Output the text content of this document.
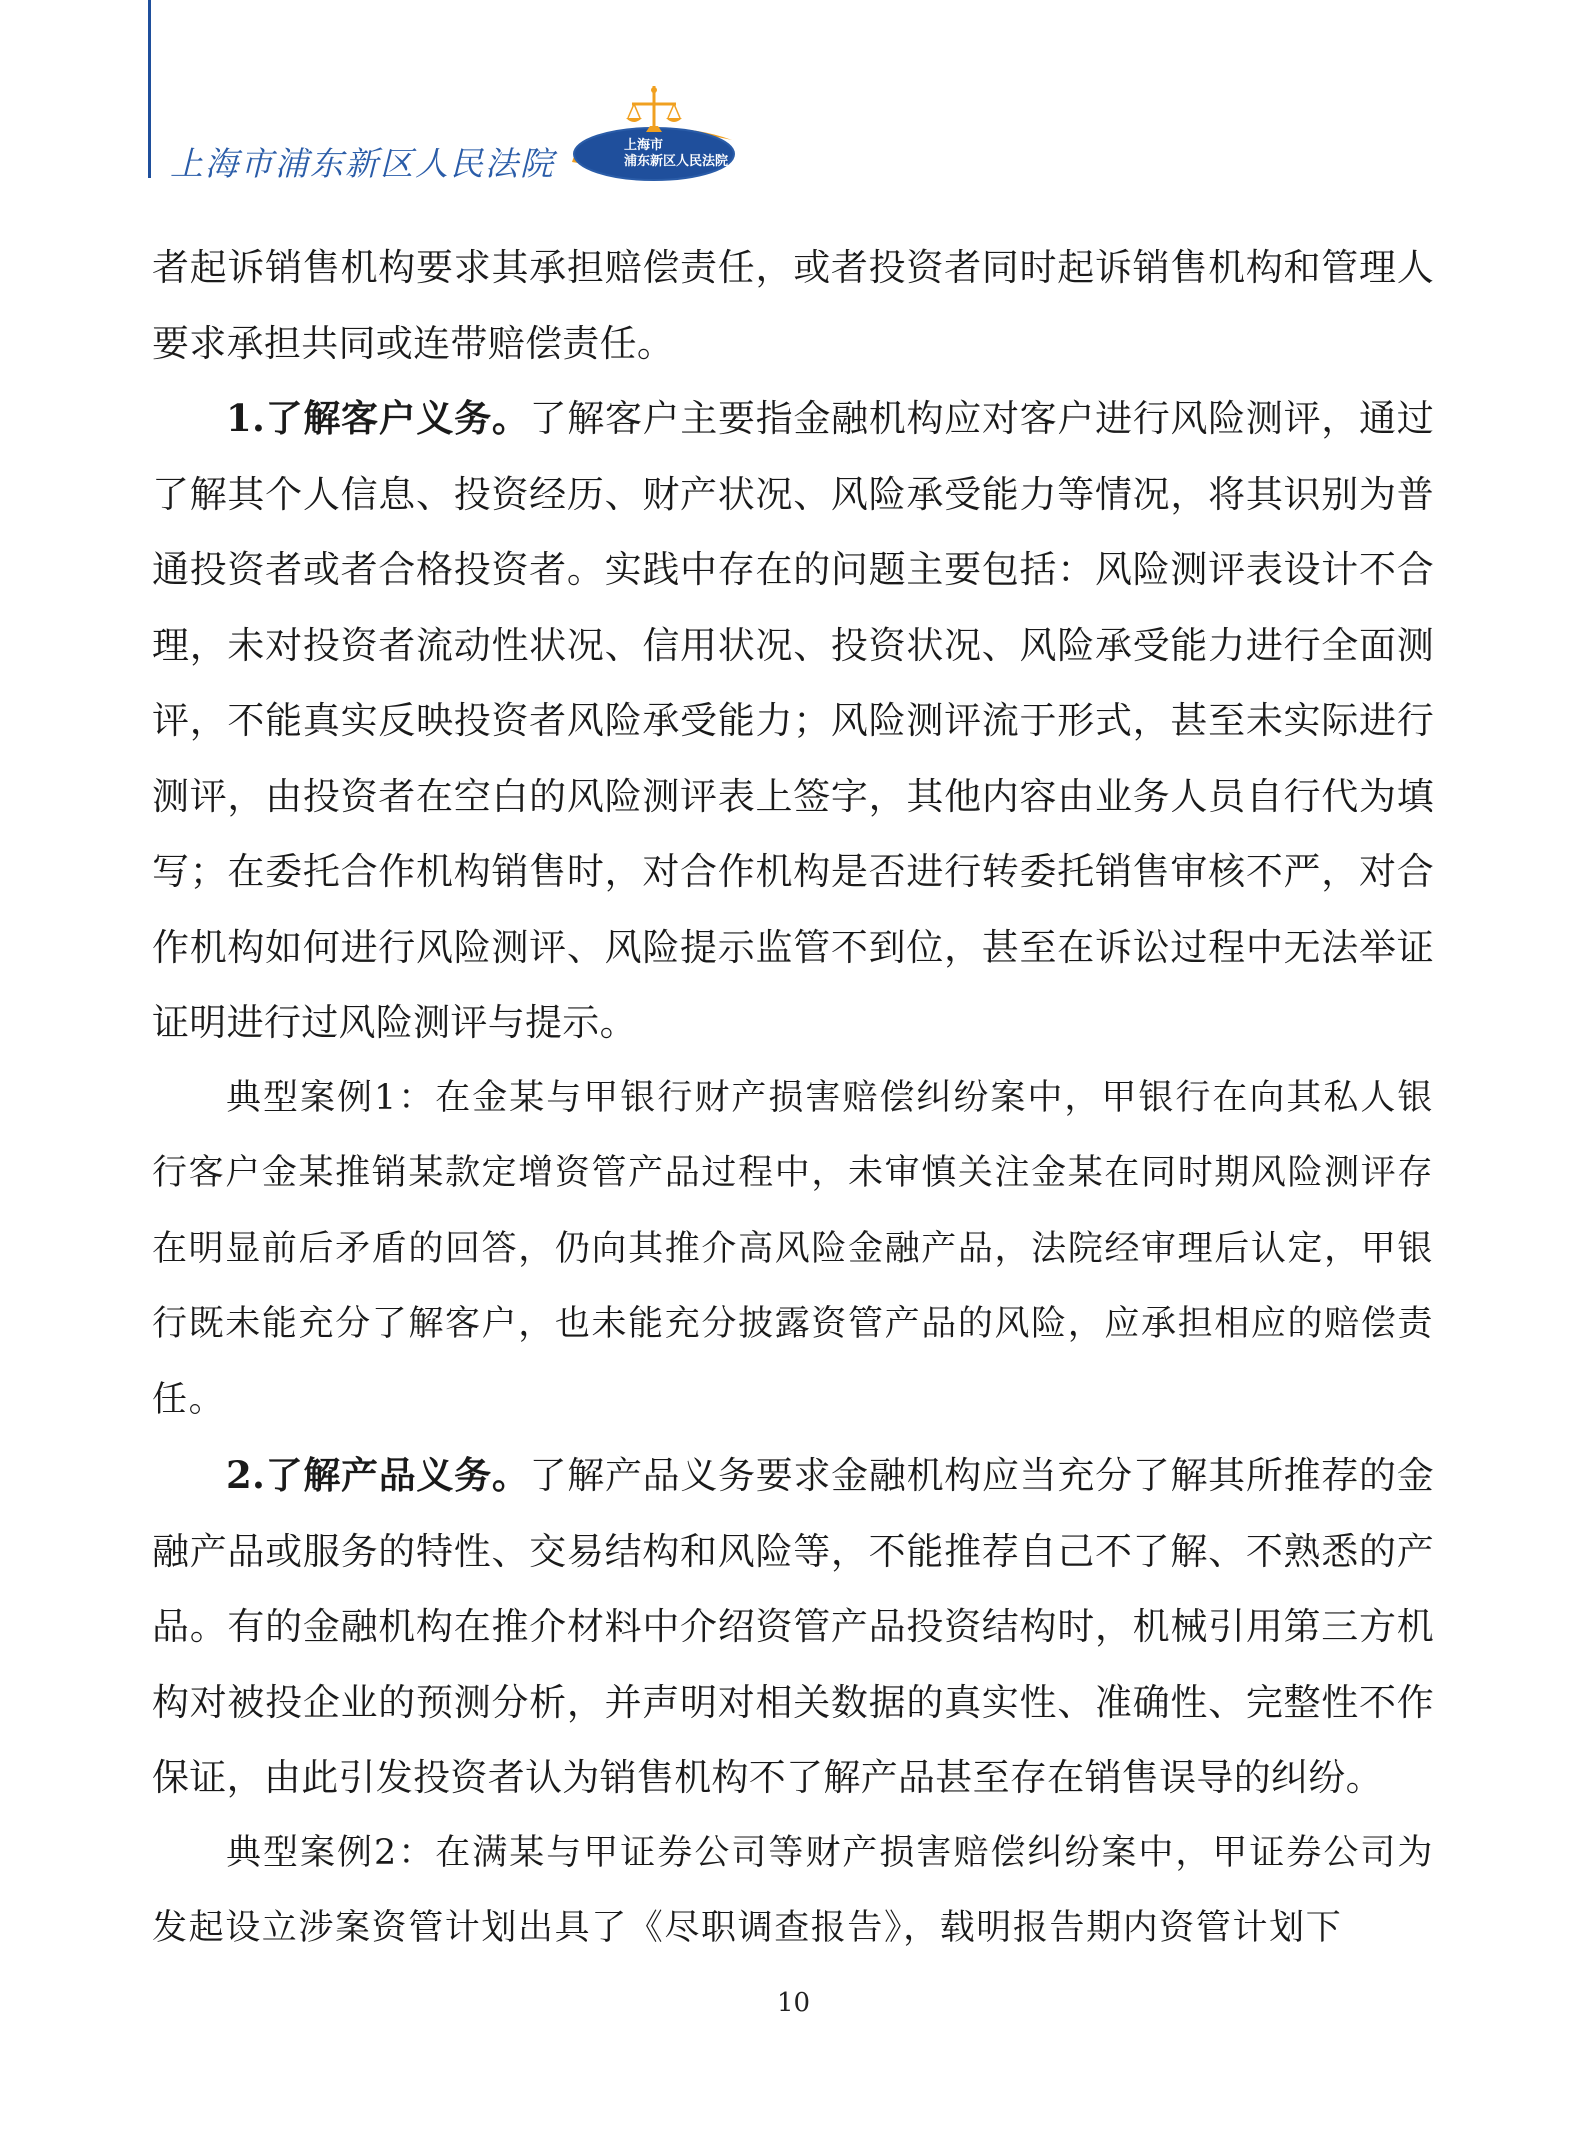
上海市浦东新区人民法院	上海市
浦东新区人民法院

者起诉销售机构要求其承担赔偿责任，或者投资者同时起诉销售机构和管理人要求承担共同或连带赔偿责任。

1.了解客户义务。了解客户主要指金融机构应对客户进行风险测评，通过了解其个人信息、投资经历、财产状况、风险承受能力等情况，将其识别为普通投资者或者合格投资者。实践中存在的问题主要包括：风险测评表设计不合理，未对投资者流动性状况、信用状况、投资状况、风险承受能力进行全面测评，不能真实反映投资者风险承受能力；风险测评流于形式，甚至未实际进行测评，由投资者在空白的风险测评表上签字，其他内容由业务人员自行代为填写；在委托合作机构销售时，对合作机构是否进行转委托销售审核不严，对合作机构如何进行风险测评、风险提示监管不到位，甚至在诉讼过程中无法举证证明进行过风险测评与提示。

典型案例1：在金某与甲银行财产损害赔偿纠纷案中，甲银行在向其私人银行客户金某推销某款定增资管产品过程中，未审慎关注金某在同时期风险测评存在明显前后矛盾的回答，仍向其推介高风险金融产品，法院经审理后认定，甲银行既未能充分了解客户，也未能充分披露资管产品的风险，应承担相应的赔偿责任。

2.了解产品义务。了解产品义务要求金融机构应当充分了解其所推荐的金融产品或服务的特性、交易结构和风险等，不能推荐自己不了解、不熟悉的产品。有的金融机构在推介材料中介绍资管产品投资结构时，机械引用第三方机构对被投企业的预测分析，并声明对相关数据的真实性、准确性、完整性不作保证，由此引发投资者认为销售机构不了解产品甚至存在销售误导的纠纷。

典型案例2：在满某与甲证券公司等财产损害赔偿纠纷案中，甲证券公司为发起设立涉案资管计划出具了《尽职调查报告》，载明报告期内资管计划下

10
